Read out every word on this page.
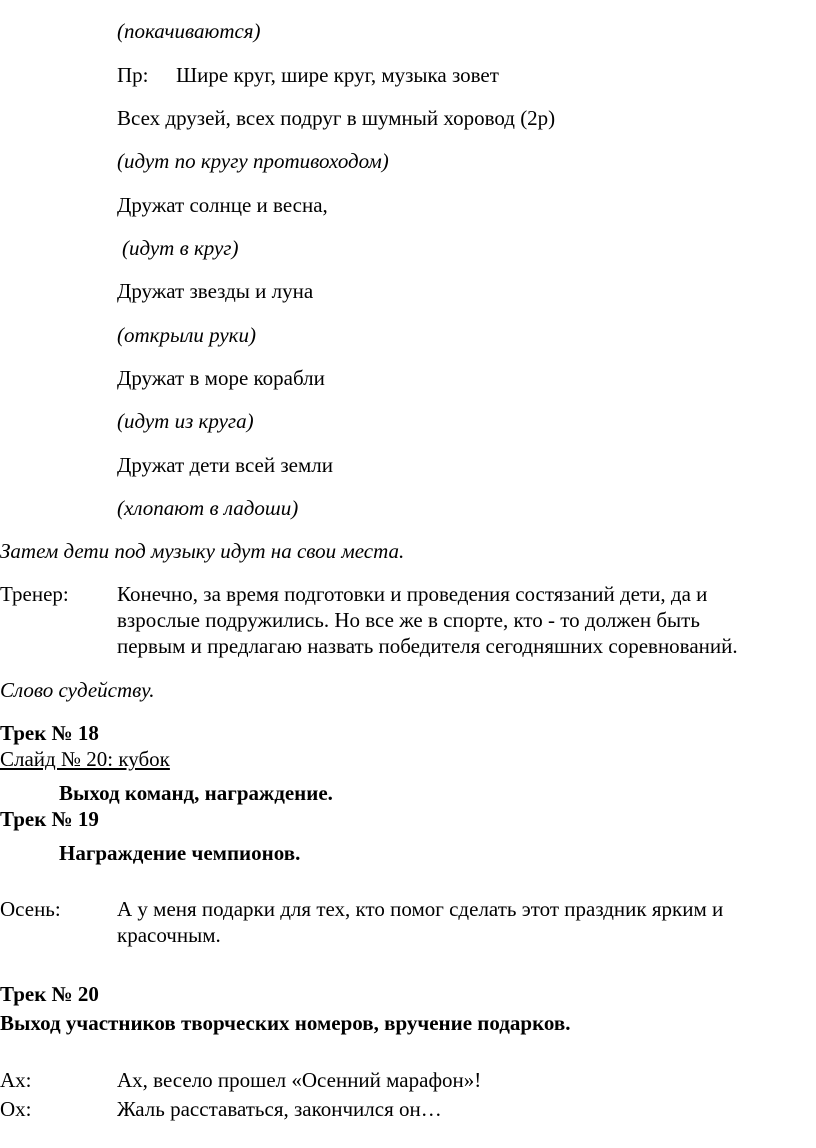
(покачиваются)
Пр: Шире круг, шире круг, музыка зовет
Всех друзей, всех подруг в шумный хоровод (2р)
(идут по кругу противоходом)
Дружат солнце и весна,
(идут в круг)
Дружат звезды и луна
(открыли руки)
Дружат в море корабли
(идут из круга)
Дружат дети всей земли
(хлопают в ладоши)
Затем дети под музыку идут на свои места.
Тренер: Конечно, за время подготовки и проведения состязаний дети, да и
взрослые подружились. Но все же в спорте, кто - то должен быть
первым и предлагаю назвать победителя сегодняшних соревнований.
Слово судейству.
Трек № 18
Слайд № 20: кубок
Выход команд, награждение.
Трек № 19
Награждение чемпионов.
Осень:	А у меня подарки для тех, кто помог сделать этот праздник ярким и
красочным.
Трек № 20
Выход участников творческих номеров, вручение подарков.
Ах:	Ах, весело прошел «Осенний марафон»!
Ох:	Жаль расставаться, закончился он…
